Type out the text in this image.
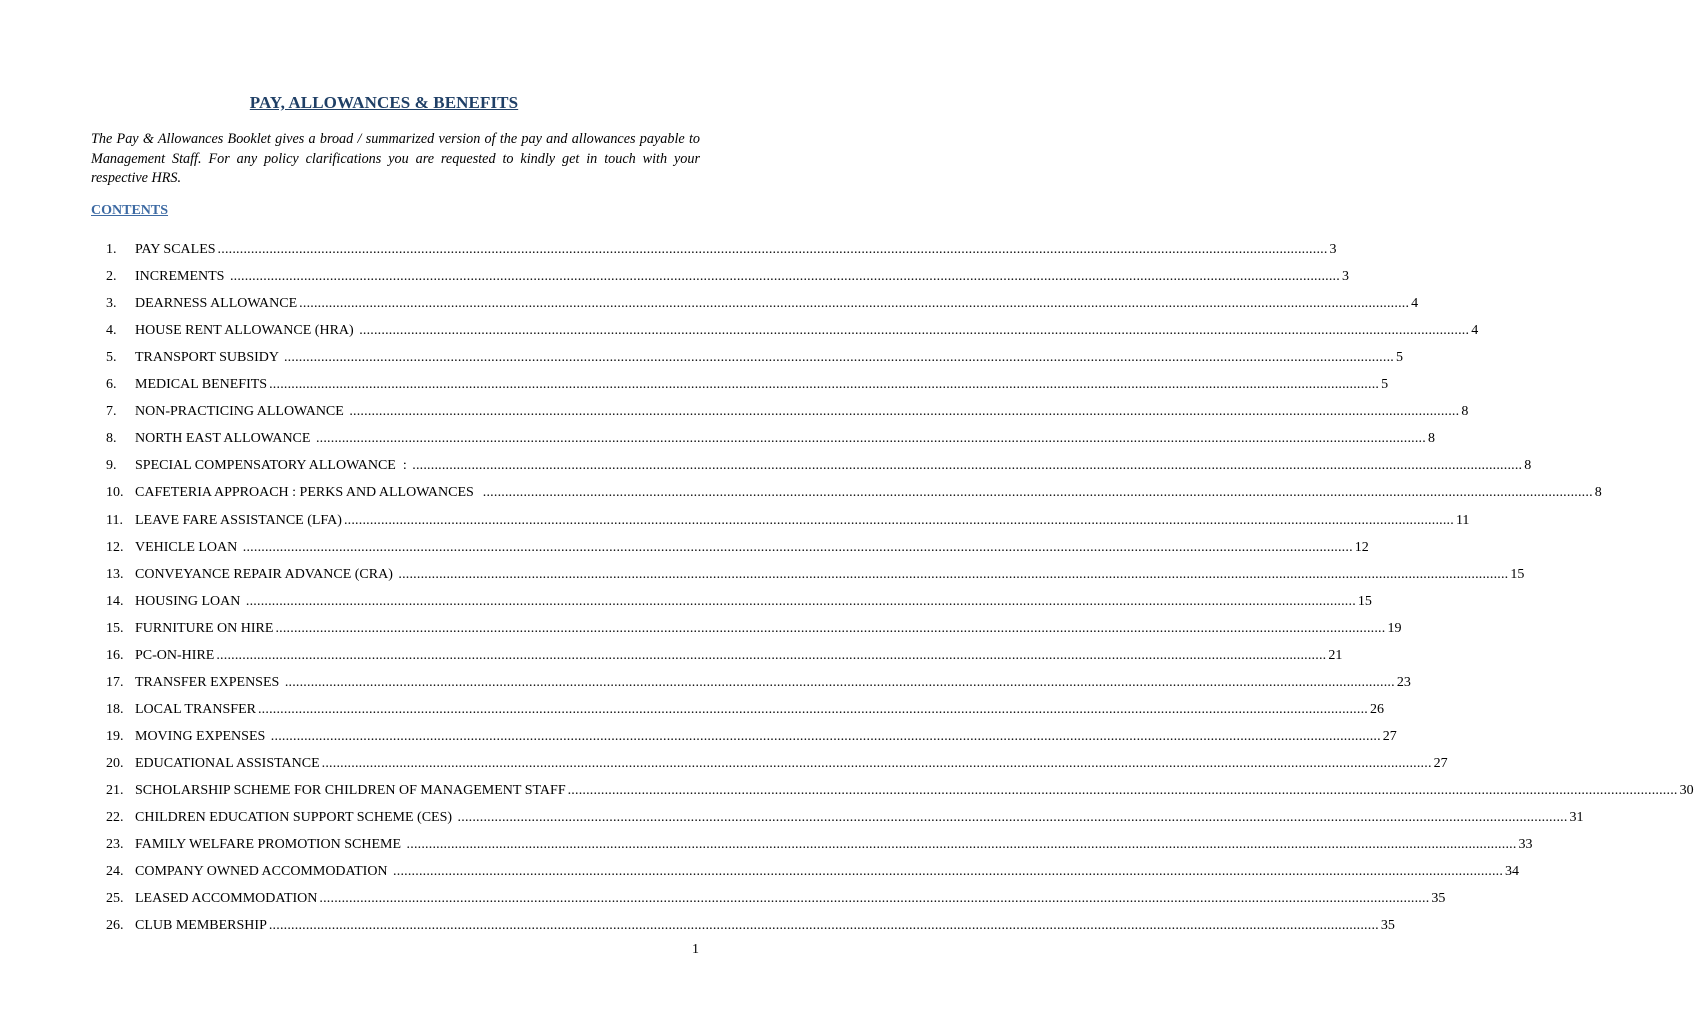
PAY, ALLOWANCES & BENEFITS
The Pay & Allowances Booklet gives a broad / summarized version of the pay and allowances payable to Management Staff. For any policy clarifications you are requested to kindly get in touch with your respective HRS.
CONTENTS
1. PAY SCALES ............................................................................................................................................................................................................................................................................................................ 3
2. INCREMENTS ............................................................................................................................................................................................................................................................................................................ 3
3. DEARNESS ALLOWANCE ............................................................................................................................................................................................................................................................................................................ 4
4. HOUSE RENT ALLOWANCE (HRA) ............................................................................................................................................................................................................................................................................................................ 4
5. TRANSPORT SUBSIDY ............................................................................................................................................................................................................................................................................................................ 5
6. MEDICAL BENEFITS ............................................................................................................................................................................................................................................................................................................ 5
7. NON-PRACTICING ALLOWANCE ............................................................................................................................................................................................................................................................................................................ 8
8. NORTH EAST ALLOWANCE ............................................................................................................................................................................................................................................................................................................ 8
9. SPECIAL COMPENSATORY ALLOWANCE  : ............................................................................................................................................................................................................................................................................................................ 8
10. CAFETERIA APPROACH : PERKS AND ALLOWANCES ............................................................................................................................................................................................................................................................................................................ 8
11. LEAVE FARE ASSISTANCE (LFA) ............................................................................................................................................................................................................................................................................................................ 11
12. VEHICLE LOAN ............................................................................................................................................................................................................................................................................................................ 12
13. CONVEYANCE REPAIR ADVANCE (CRA) ............................................................................................................................................................................................................................................................................................................ 15
14. HOUSING LOAN ............................................................................................................................................................................................................................................................................................................ 15
15. FURNITURE ON HIRE ............................................................................................................................................................................................................................................................................................................ 19
16. PC-ON-HIRE ............................................................................................................................................................................................................................................................................................................ 21
17. TRANSFER EXPENSES ............................................................................................................................................................................................................................................................................................................ 23
18. LOCAL TRANSFER ............................................................................................................................................................................................................................................................................................................ 26
19. MOVING EXPENSES ............................................................................................................................................................................................................................................................................................................ 27
20. EDUCATIONAL ASSISTANCE ............................................................................................................................................................................................................................................................................................................ 27
21. SCHOLARSHIP SCHEME FOR CHILDREN OF MANAGEMENT STAFF ............................................................................................................................................................................................................................................................................................................ 30
22. CHILDREN EDUCATION SUPPORT SCHEME (CES) ............................................................................................................................................................................................................................................................................................................ 31
23. FAMILY WELFARE PROMOTION SCHEME ............................................................................................................................................................................................................................................................................................................ 33
24. COMPANY OWNED ACCOMMODATION ............................................................................................................................................................................................................................................................................................................ 34
25. LEASED ACCOMMODATION ............................................................................................................................................................................................................................................................................................................ 35
26. CLUB MEMBERSHIP ............................................................................................................................................................................................................................................................................................................ 35
1
